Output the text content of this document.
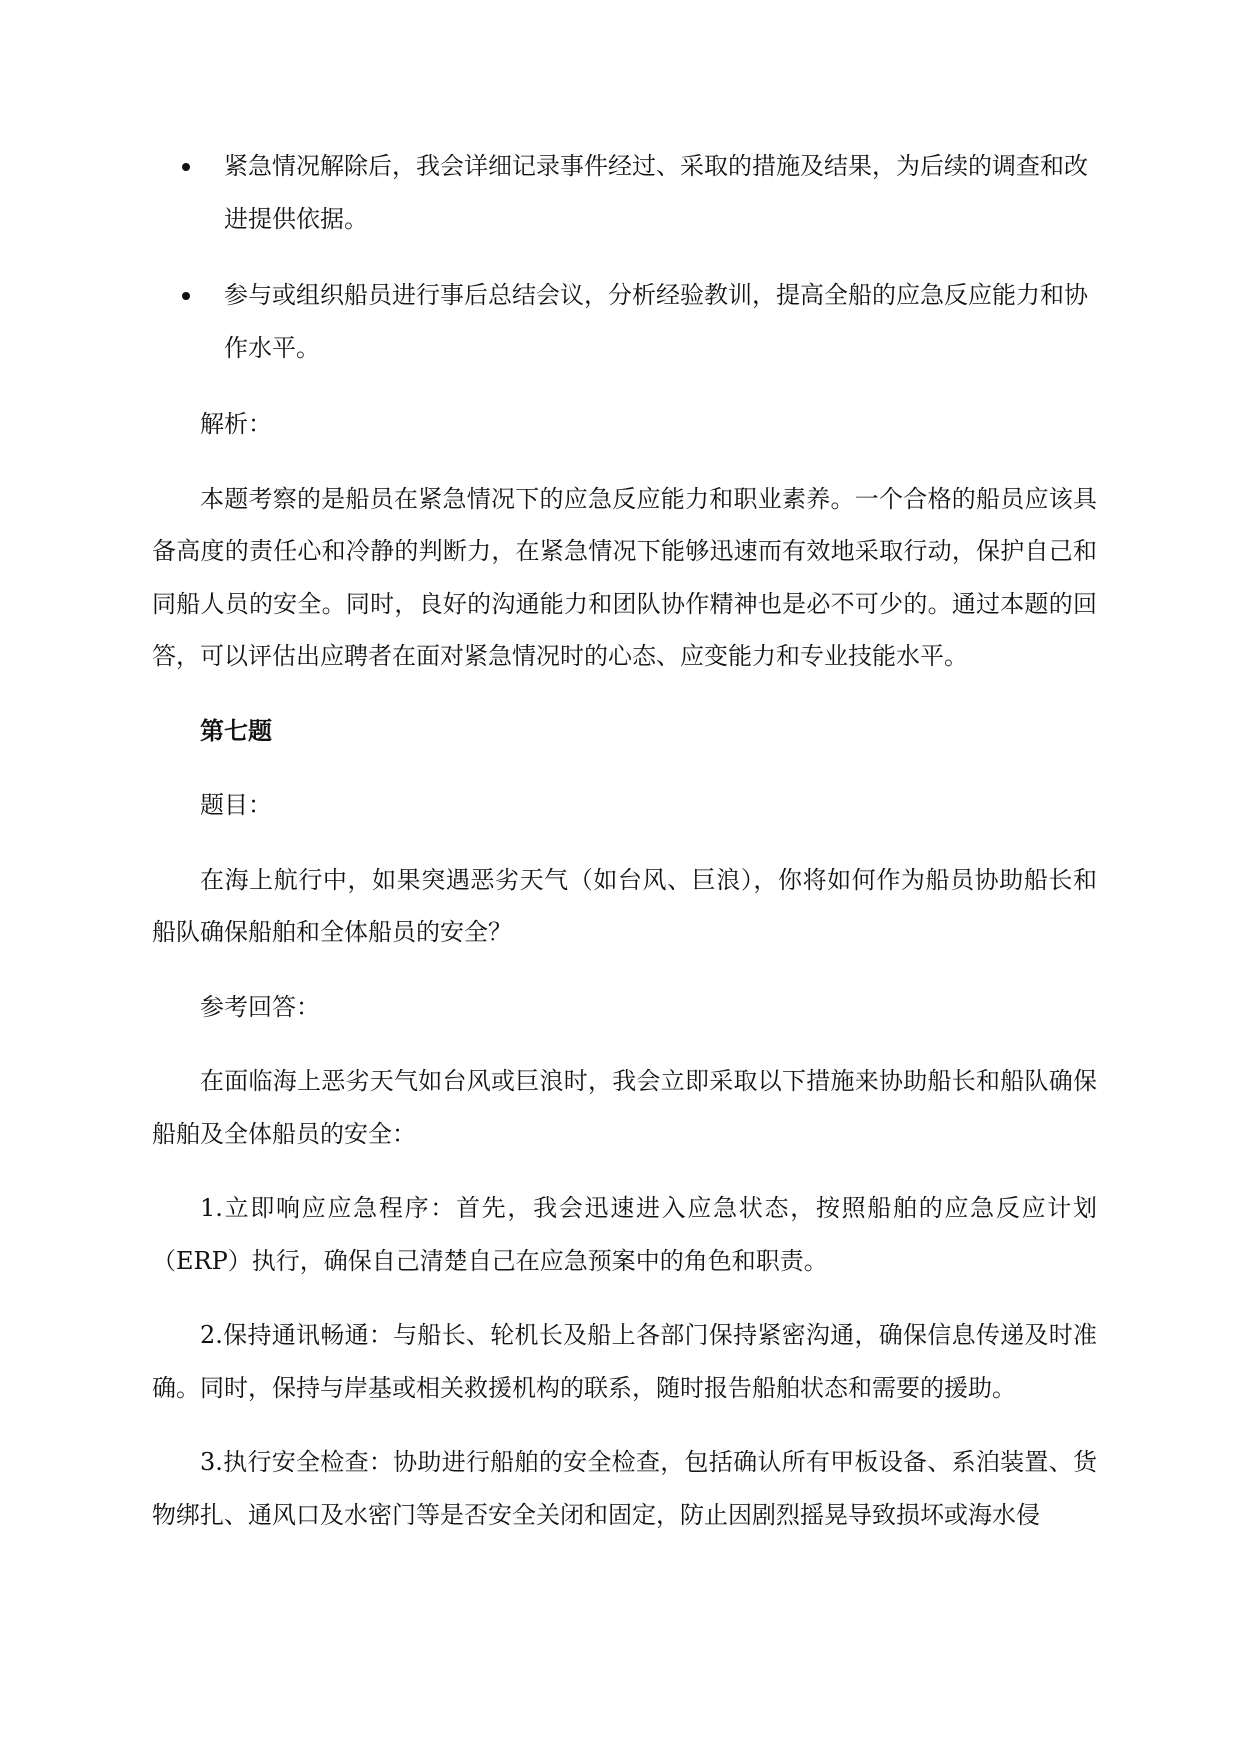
紧急情况解除后，我会详细记录事件经过、采取的措施及结果，为后续的调查和改进提供依据。
参与或组织船员进行事后总结会议，分析经验教训，提高全船的应急反应能力和协作水平。

解析：

本题考察的是船员在紧急情况下的应急反应能力和职业素养。一个合格的船员应该具备高度的责任心和冷静的判断力，在紧急情况下能够迅速而有效地采取行动，保护自己和同船人员的安全。同时，良好的沟通能力和团队协作精神也是必不可少的。通过本题的回答，可以评估出应聘者在面对紧急情况时的心态、应变能力和专业技能水平。

第七题

题目：

在海上航行中，如果突遇恶劣天气（如台风、巨浪），你将如何作为船员协助船长和船队确保船舶和全体船员的安全？

参考回答：

在面临海上恶劣天气如台风或巨浪时，我会立即采取以下措施来协助船长和船队确保船舶及全体船员的安全：

1.立即响应应急程序：首先，我会迅速进入应急状态，按照船舶的应急反应计划（ERP）执行，确保自己清楚自己在应急预案中的角色和职责。

2.保持通讯畅通：与船长、轮机长及船上各部门保持紧密沟通，确保信息传递及时准确。同时，保持与岸基或相关救援机构的联系，随时报告船舶状态和需要的援助。

3.执行安全检查：协助进行船舶的安全检查，包括确认所有甲板设备、系泊装置、货物绑扎、通风口及水密门等是否安全关闭和固定，防止因剧烈摇晃导致损坏或海水侵
